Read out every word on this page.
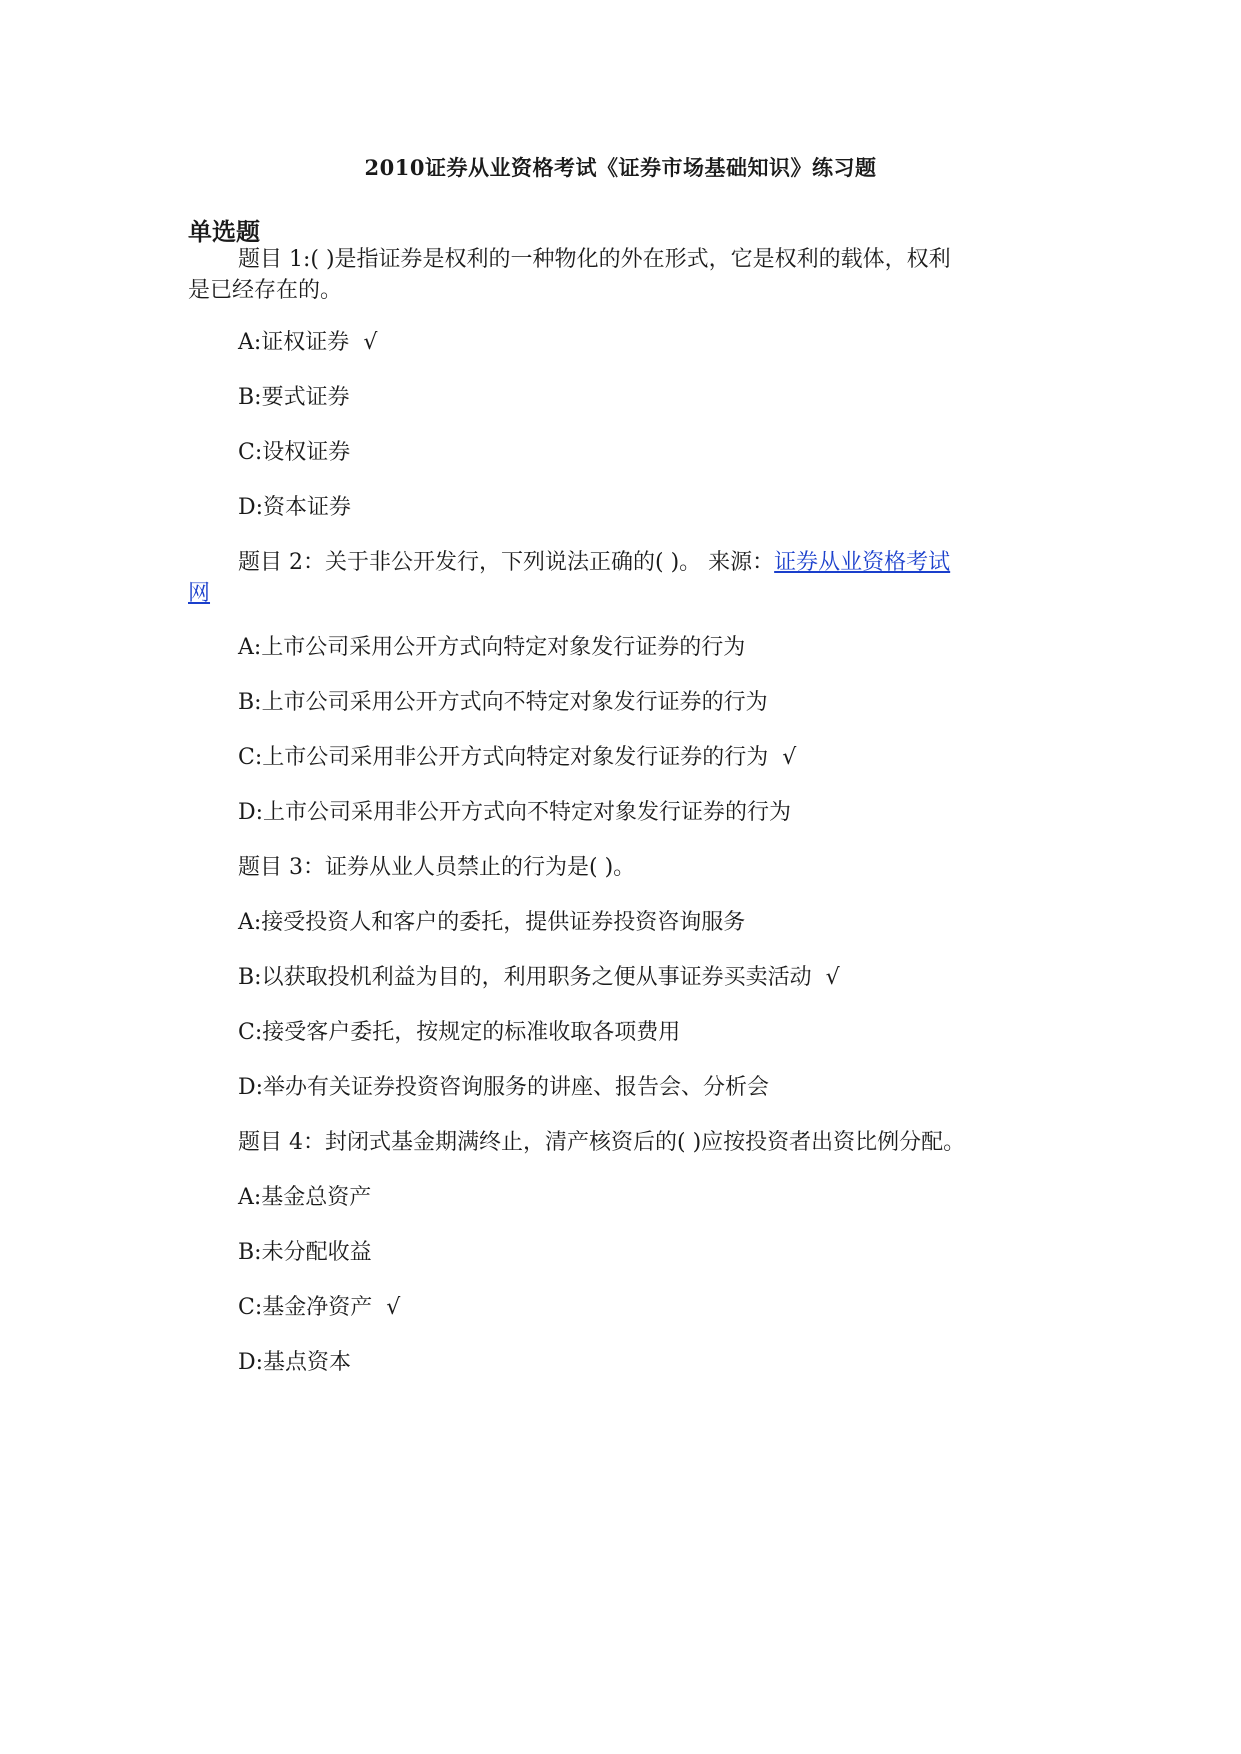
2010证券从业资格考试《证券市场基础知识》练习题
单选题
题目 1:( )是指证券是权利的一种物化的外在形式，它是权利的载体，权利
是已经存在的。
A:证权证券 √
B:要式证券
C:设权证券
D:资本证券
题目 2：关于非公开发行，下列说法正确的( )。 来源：证券从业资格考试
网
A:上市公司采用公开方式向特定对象发行证券的行为
B:上市公司采用公开方式向不特定对象发行证券的行为
C:上市公司采用非公开方式向特定对象发行证券的行为 √
D:上市公司采用非公开方式向不特定对象发行证券的行为
题目 3：证券从业人员禁止的行为是( )。
A:接受投资人和客户的委托，提供证券投资咨询服务
B:以获取投机利益为目的，利用职务之便从事证券买卖活动 √
C:接受客户委托，按规定的标准收取各项费用
D:举办有关证券投资咨询服务的讲座、报告会、分析会
题目 4：封闭式基金期满终止，清产核资后的( )应按投资者出资比例分配。
A:基金总资产
B:未分配收益
C:基金净资产 √
D:基点资本
